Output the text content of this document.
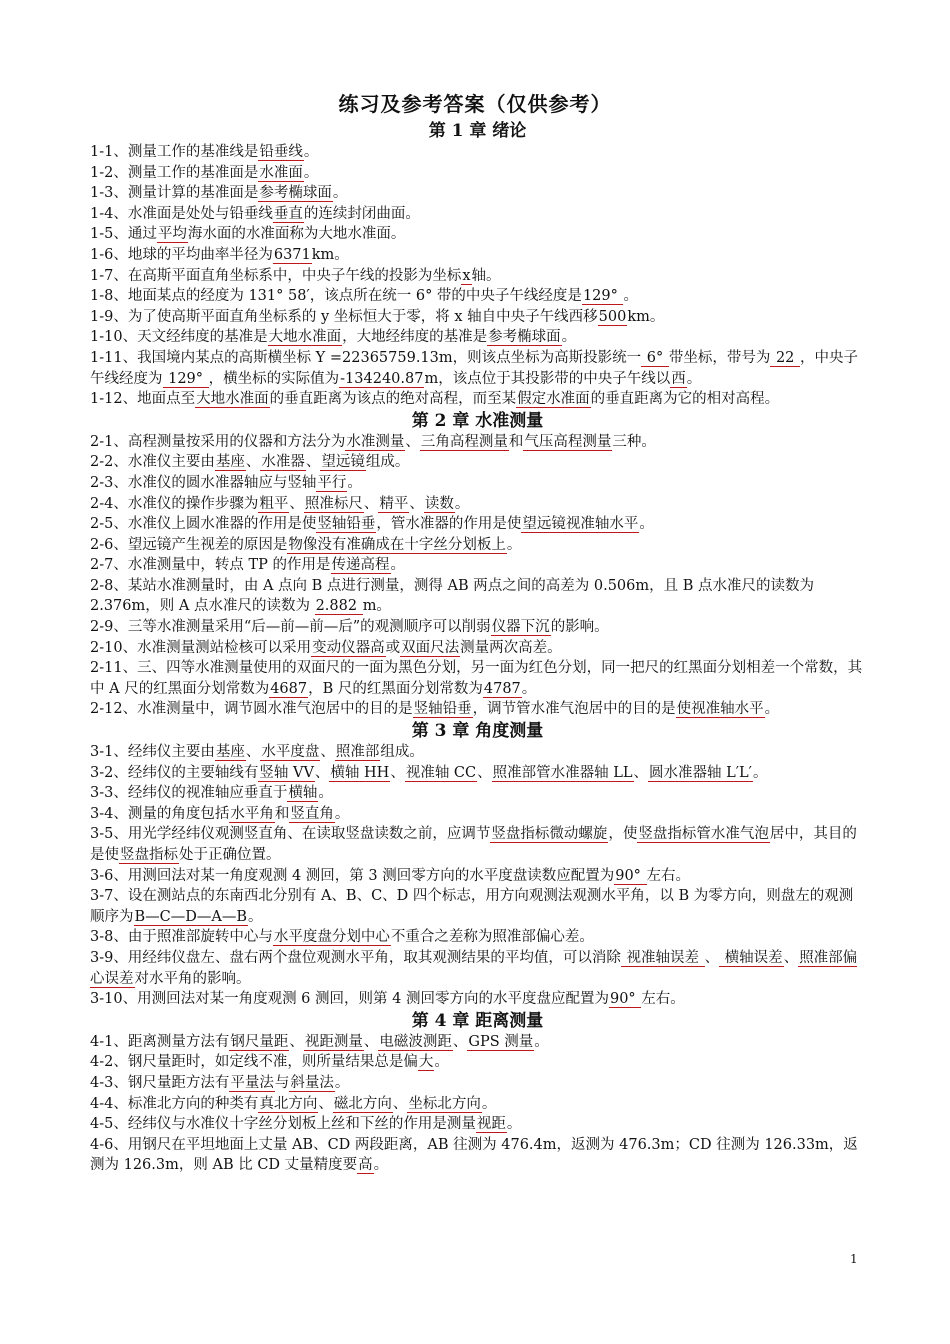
练习及参考答案（仅供参考）
第 1 章 绪论
1-1、测量工作的基准线是铅垂线。
1-2、测量工作的基准面是水准面。
1-3、测量计算的基准面是参考椭球面。
1-4、水准面是处处与铅垂线垂直的连续封闭曲面。
1-5、通过平均海水面的水准面称为大地水准面。
1-6、地球的平均曲率半径为6371km。
1-7、在高斯平面直角坐标系中，中央子午线的投影为坐标x轴。
1-8、地面某点的经度为 131° 58′，该点所在统一 6° 带的中央子午线经度是129° 。
1-9、为了使高斯平面直角坐标系的 y 坐标恒大于零，将 x 轴自中央子午线西移500km。
1-10、天文经纬度的基准是大地水准面，大地经纬度的基准是参考椭球面。
1-11、我国境内某点的高斯横坐标 Y =22365759.13m，则该点坐标为高斯投影统一 6° 带坐标，带号为 22 ，中央子午线经度为 129° ，横坐标的实际值为-134240.87m，该点位于其投影带的中央子午线以西。
1-12、地面点至大地水准面的垂直距离为该点的绝对高程，而至某假定水准面的垂直距离为它的相对高程。
第 2 章 水准测量
2-1、高程测量按采用的仪器和方法分为水准测量、三角高程测量和气压高程测量三种。
2-2、水准仪主要由基座、水准器、望远镜组成。
2-3、水准仪的圆水准器轴应与竖轴平行。
2-4、水准仪的操作步骤为粗平、照准标尺、精平、读数。
2-5、水准仪上圆水准器的作用是使竖轴铅垂，管水准器的作用是使望远镜视准轴水平。
2-6、望远镜产生视差的原因是物像没有准确成在十字丝分划板上。
2-7、水准测量中，转点 TP 的作用是传递高程。
2-8、某站水准测量时，由 A 点向 B 点进行测量，测得 AB 两点之间的高差为 0.506m，且 B 点水准尺的读数为 2.376m，则 A 点水准尺的读数为 2.882 m。
2-9、三等水准测量采用“后—前—前—后”的观测顺序可以削弱仪器下沉的影响。
2-10、水准测量测站检核可以采用变动仪器高或双面尺法测量两次高差。
2-11、三、四等水准测量使用的双面尺的一面为黑色分划，另一面为红色分划，同一把尺的红黑面分划相差一个常数，其中 A 尺的红黑面分划常数为4687，B 尺的红黑面分划常数为4787。
2-12、水准测量中，调节圆水准气泡居中的目的是竖轴铅垂，调节管水准气泡居中的目的是使视准轴水平。
第 3 章 角度测量
3-1、经纬仪主要由基座、水平度盘、照准部组成。
3-2、经纬仪的主要轴线有竖轴 VV、横轴 HH、视准轴 CC、照准部管水准器轴 LL、圆水准器轴 L′L′。
3-3、经纬仪的视准轴应垂直于横轴。
3-4、测量的角度包括水平角和竖直角。
3-5、用光学经纬仪观测竖直角、在读取竖盘读数之前，应调节竖盘指标微动螺旋，使竖盘指标管水准气泡居中，其目的是使竖盘指标处于正确位置。
3-6、用测回法对某一角度观测 4 测回，第 3 测回零方向的水平度盘读数应配置为90° 左右。
3-7、设在测站点的东南西北分别有 A、B、C、D 四个标志，用方向观测法观测水平角，以 B 为零方向，则盘左的观测顺序为B—C—D—A—B。
3-8、由于照准部旋转中心与水平度盘分划中心不重合之差称为照准部偏心差。
3-9、用经纬仪盘左、盘右两个盘位观测水平角，取其观测结果的平均值，可以消除 视准轴误差 、 横轴误差、照准部偏心误差对水平角的影响。
3-10、用测回法对某一角度观测 6 测回，则第 4 测回零方向的水平度盘应配置为90° 左右。
第 4 章 距离测量
4-1、距离测量方法有钢尺量距、视距测量、电磁波测距、GPS 测量。
4-2、钢尺量距时，如定线不准，则所量结果总是偏大。
4-3、钢尺量距方法有平量法与斜量法。
4-4、标准北方向的种类有真北方向、磁北方向、坐标北方向。
4-5、经纬仪与水准仪十字丝分划板上丝和下丝的作用是测量视距。
4-6、用钢尺在平坦地面上丈量 AB、CD 两段距离，AB 往测为 476.4m，返测为 476.3m；CD 往测为 126.33m，返测为 126.3m，则 AB 比 CD 丈量精度要高。
1
